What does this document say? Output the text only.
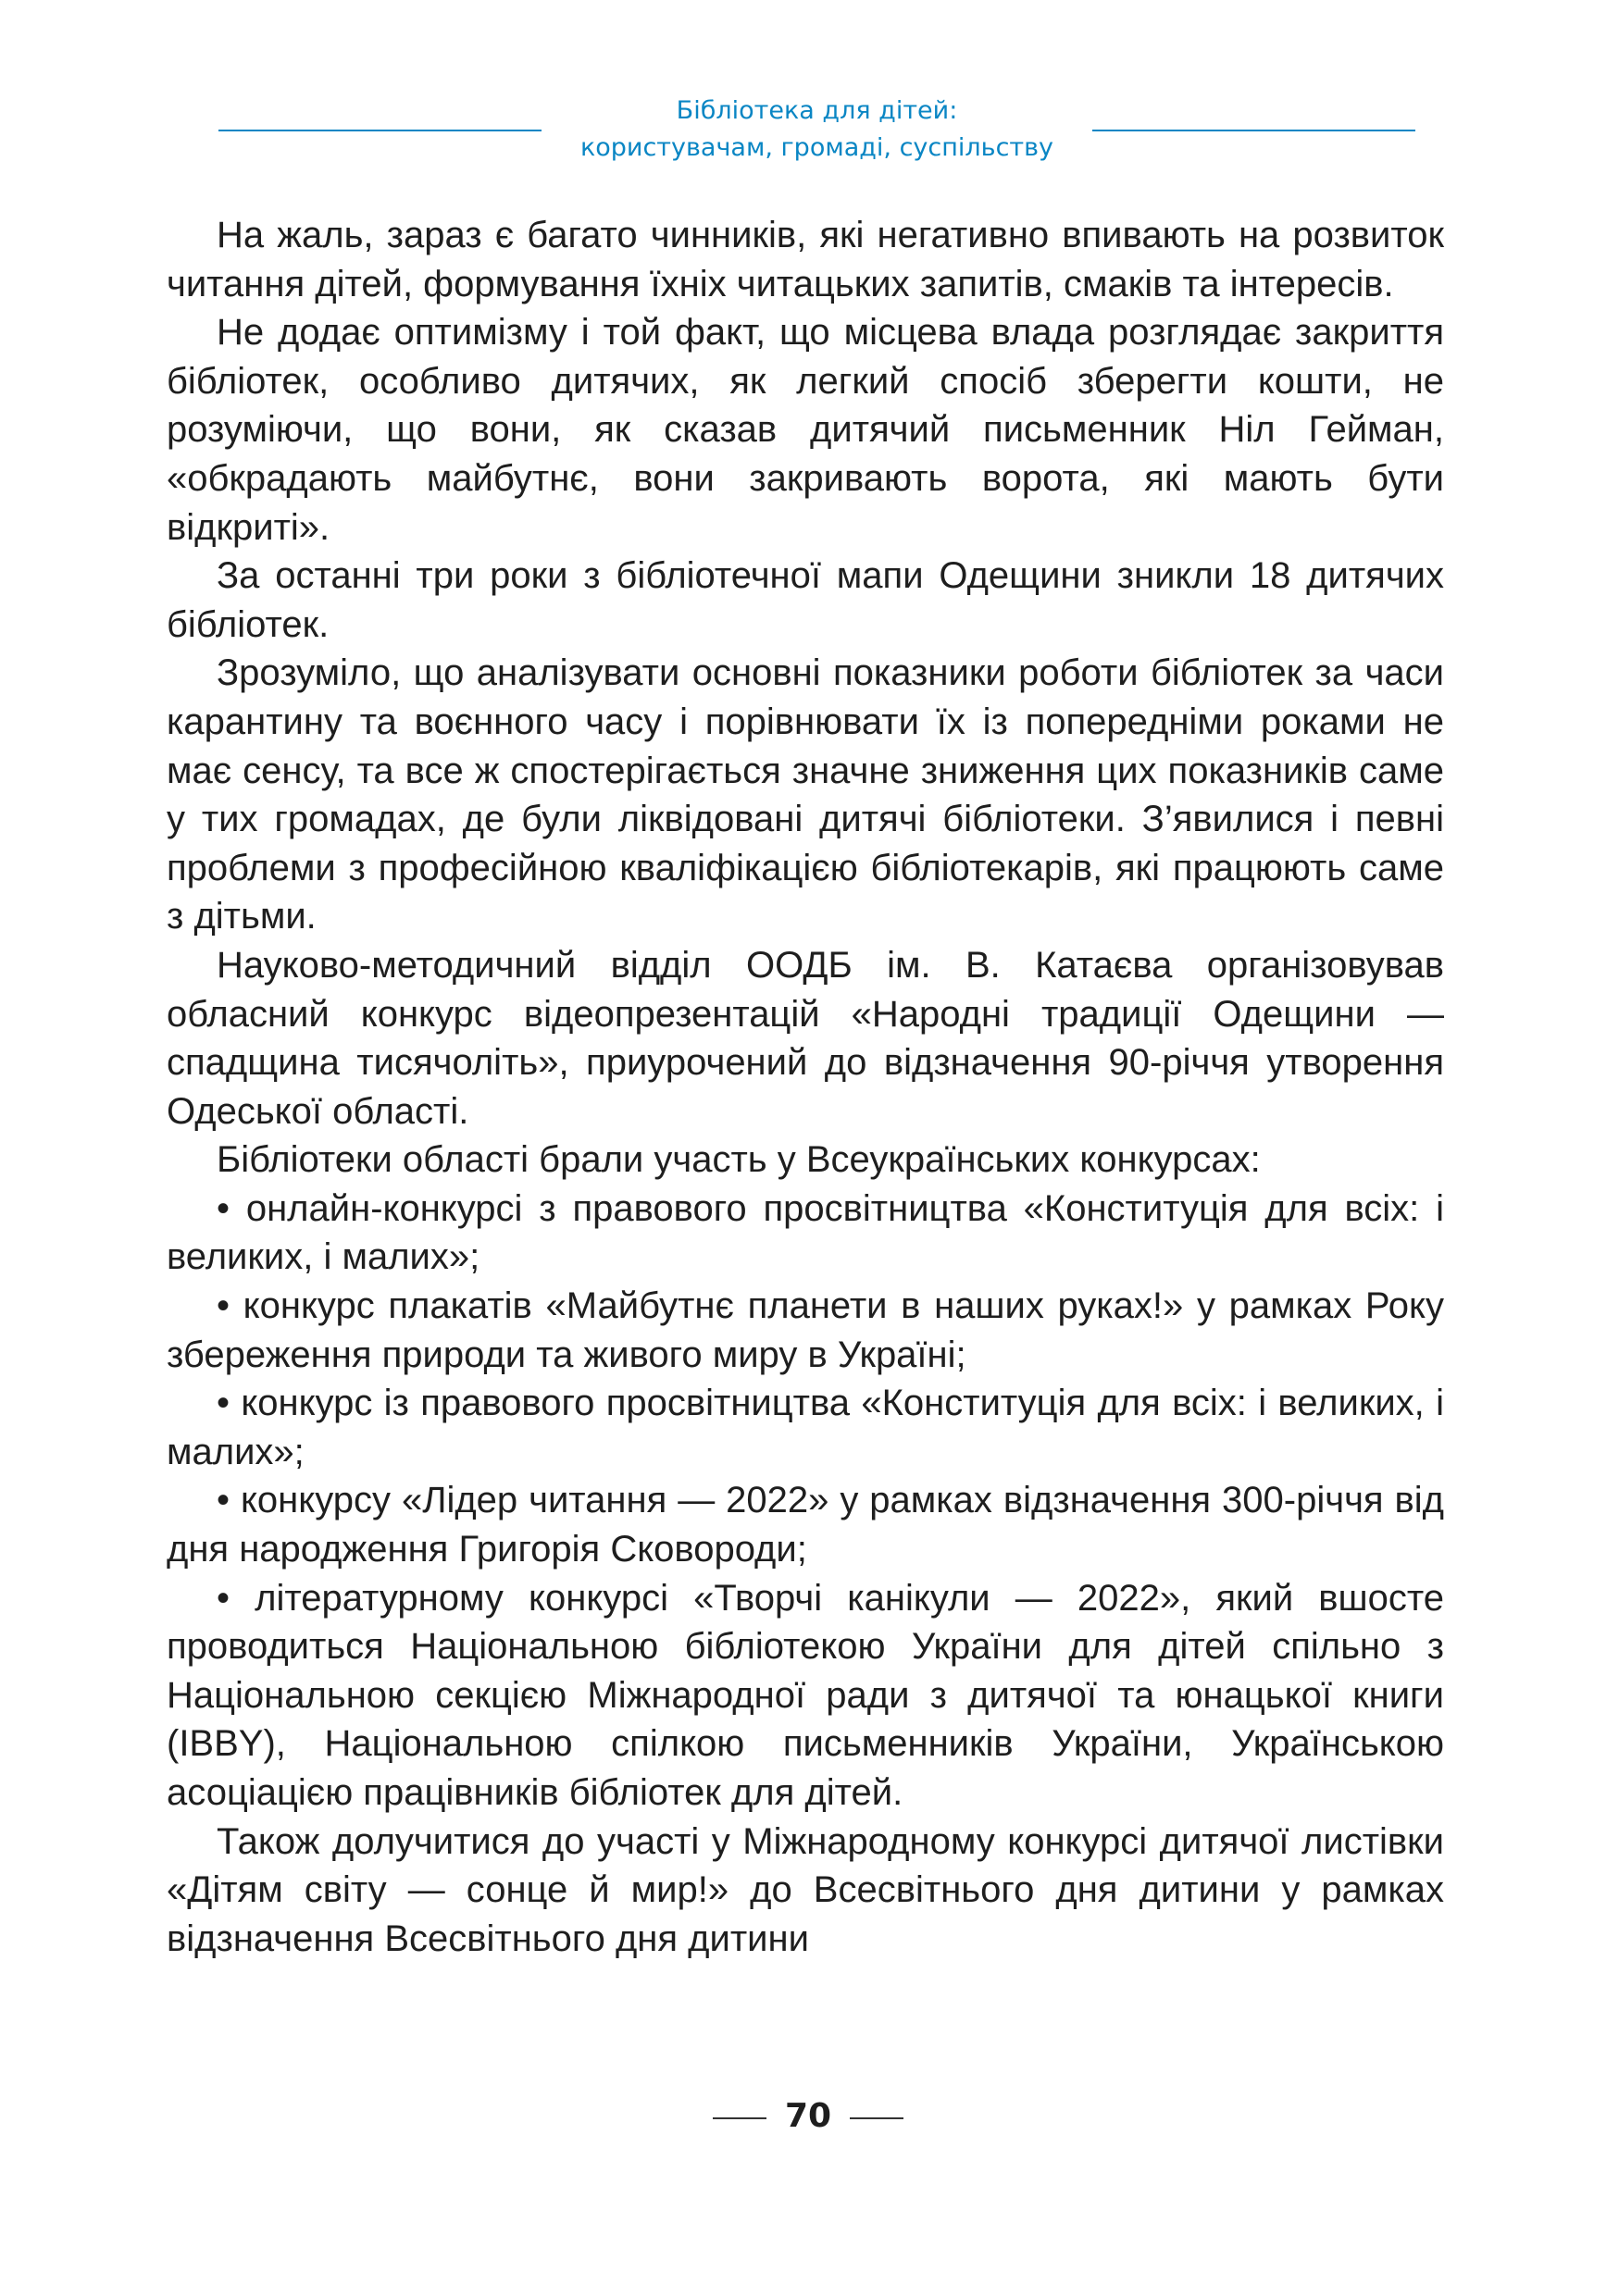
Бібліотека для дітей:
користувачам, громаді, суспільству

На жаль, зараз є багато чинників, які негативно впивають на розвиток читання дітей, формування їхніх читацьких запитів, смаків та інтересів.

Не додає оптимізму і той факт, що місцева влада розглядає закриття бібліотек, особливо дитячих, як легкий спосіб зберегти кошти, не розуміючи, що вони, як сказав дитячий письменник Ніл Гейман, «обкрадають майбутнє, вони закривають ворота, які мають бути відкриті».

За останні три роки з бібліотечної мапи Одещини зникли 18 дитячих бібліотек.

Зрозуміло, що аналізувати основні показники роботи бібліотек за часи карантину та воєнного часу і порівнювати їх із попередніми роками не має сенсу, та все ж спостерігається значне зниження цих показників саме у тих громадах, де були ліквідовані дитячі бібліотеки. З’явилися і певні проблеми з професійною кваліфікацією бібліотекарів, які працюють саме з дітьми.

Науково-методичний відділ ООДБ ім. В. Катаєва організовував обласний конкурс відеопрезентацій «Народні традиції Одещини — спадщина тисячоліть», приурочений до відзначення 90-річчя утворення Одеської області.

Бібліотеки області брали участь у Всеукраїнських конкурсах:

• онлайн-конкурсі з правового просвітництва «Конституція для всіх: і великих, і малих»;

• конкурс плакатів «Майбутнє планети в наших руках!» у рамках Року збереження природи та живого миру в Україні;

• конкурс із правового просвітництва «Конституція для всіх: і великих, і малих»;

• конкурсу «Лідер читання — 2022» у рамках відзначення 300-річчя від дня народження Григорія Сковороди;

• літературному конкурсі «Творчі канікули — 2022», який вшосте проводиться Національною бібліотекою України для дітей спільно з Національною секцією Міжнародної ради з дитячої та юнацької книги (IBBY), Національною спілкою письменників України, Українською асоціацією працівників бібліотек для дітей.

Також долучитися до участі у Міжнародному конкурсі дитячої листівки «Дітям світу — сонце й мир!» до Всесвітнього дня дитини у рамках відзначення Всесвітнього дня дитини

70
